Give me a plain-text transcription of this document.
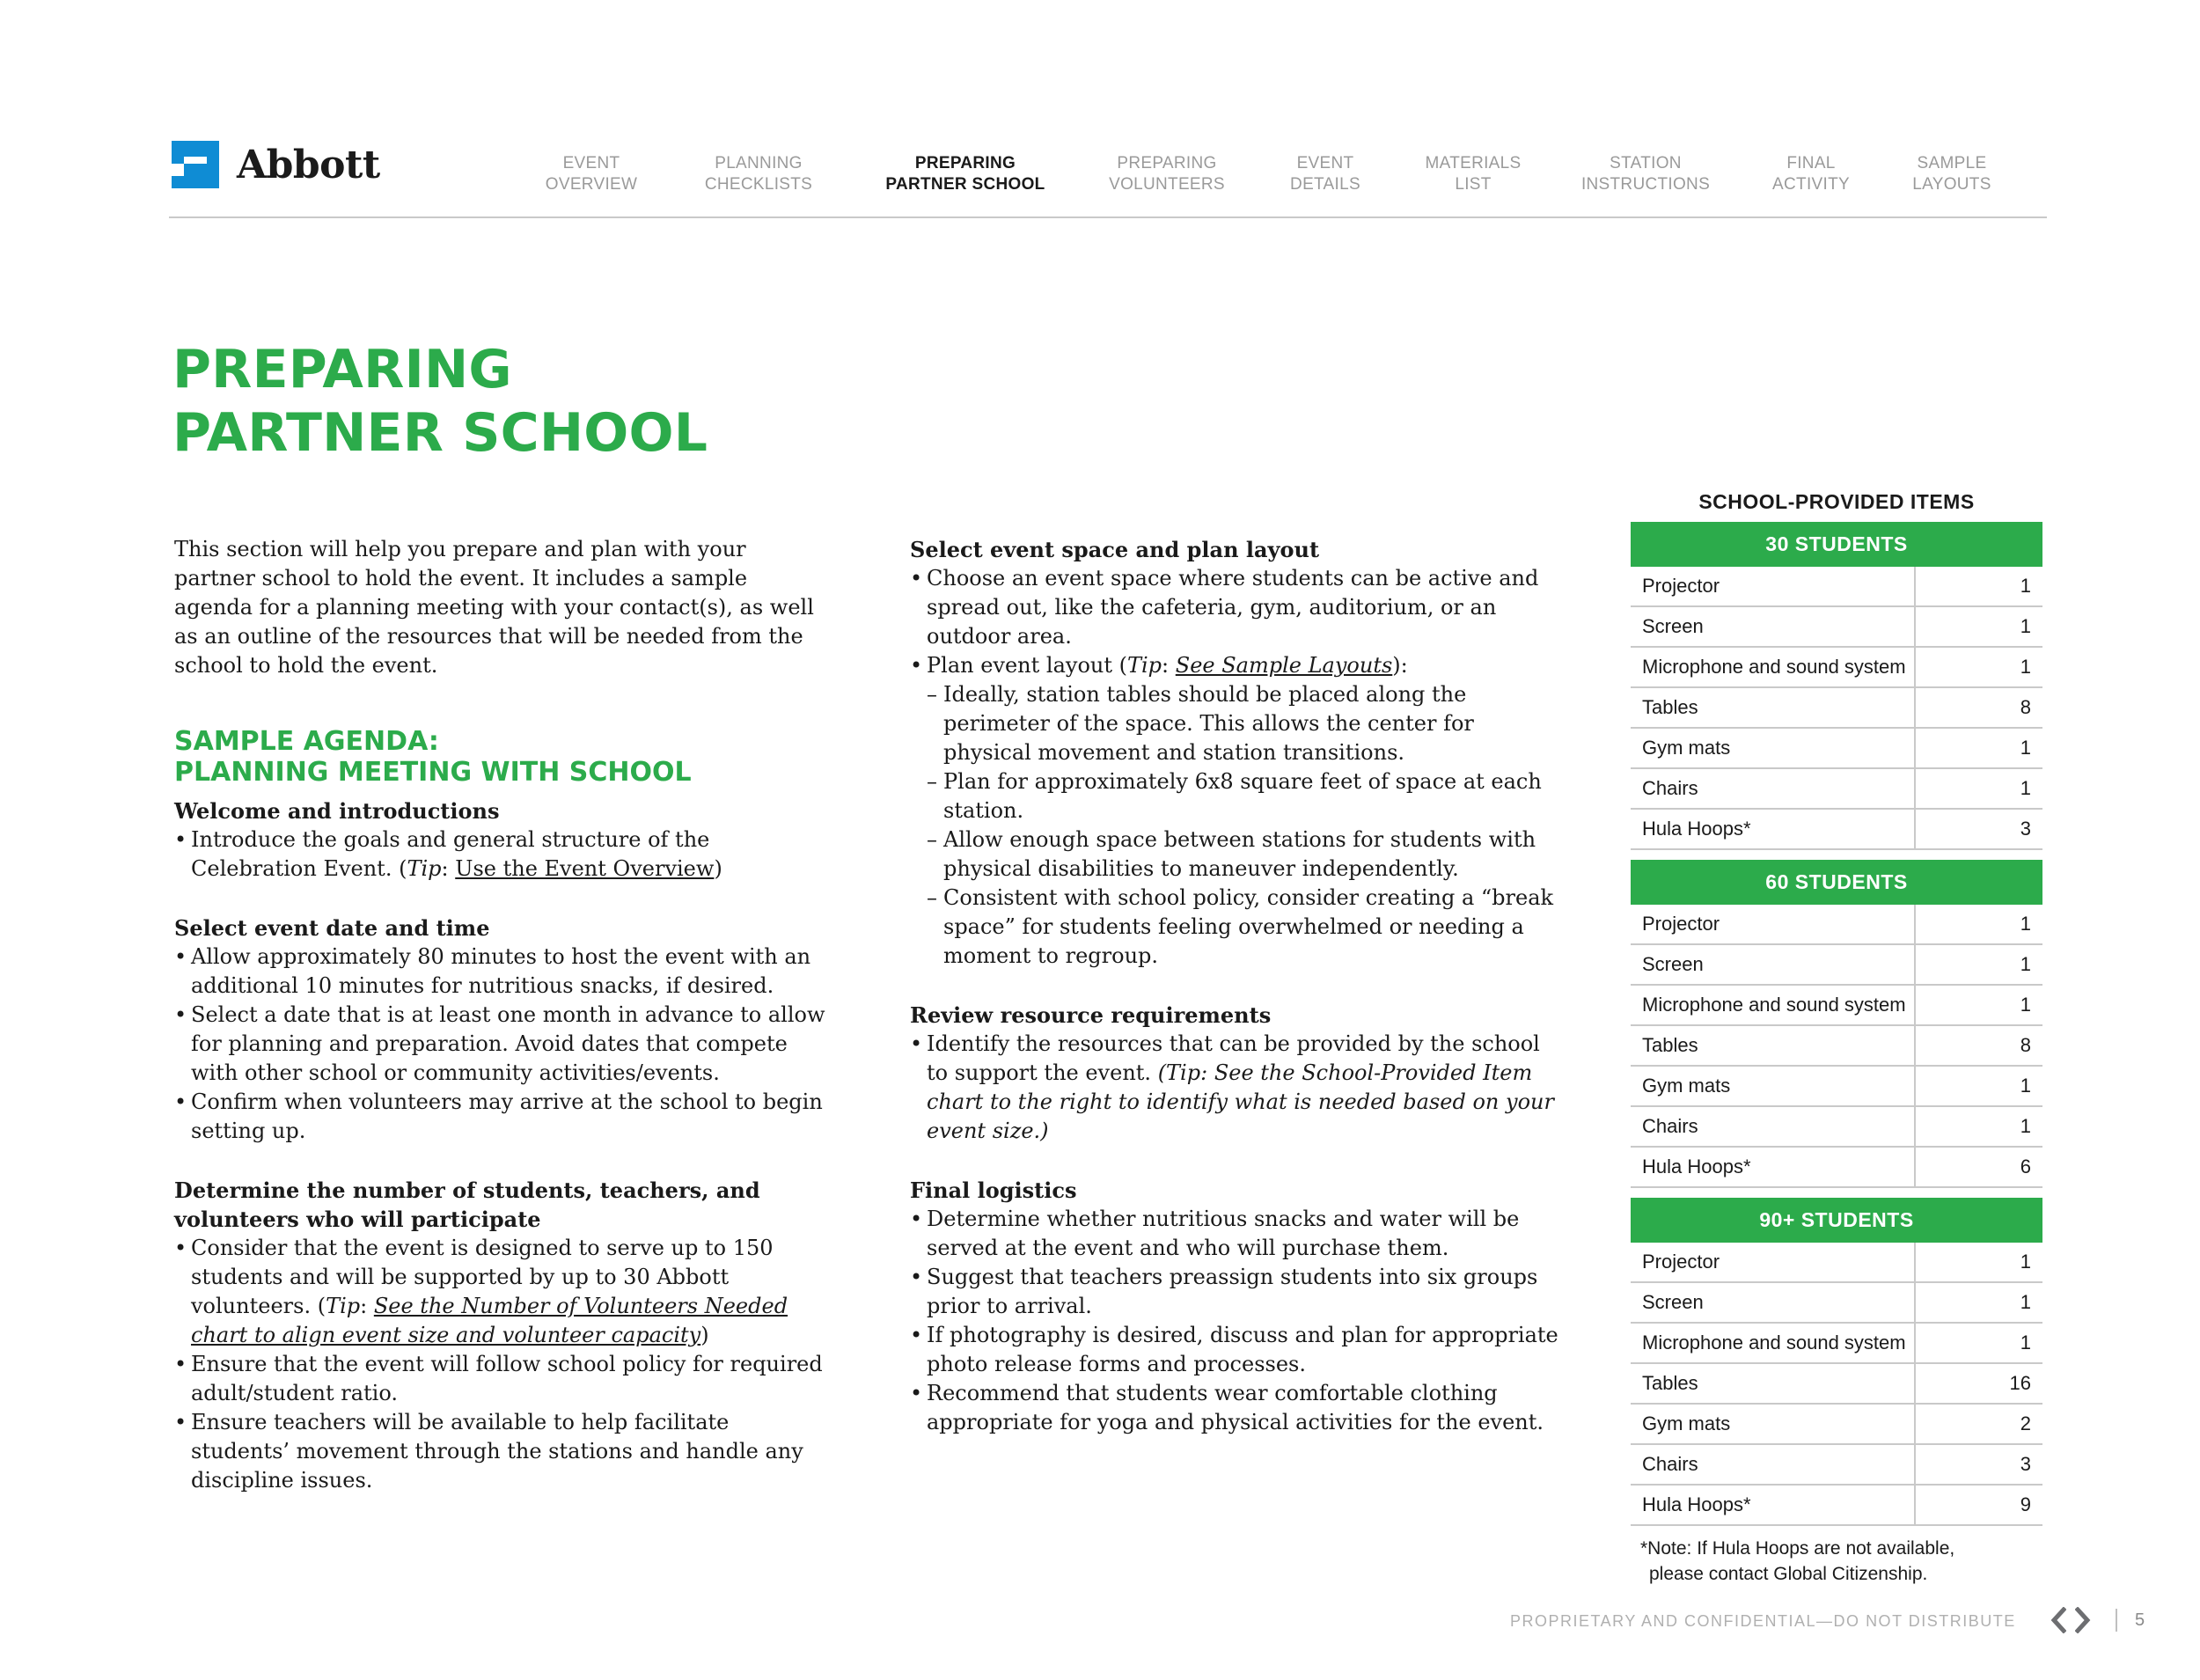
Abbott	EVENT
OVERVIEW
PLANNING
CHECKLISTS
PREPARING
PARTNER SCHOOL
PREPARING
VOLUNTEERS
EVENT
DETAILS
MATERIALS
LIST
STATION
INSTRUCTIONS
FINAL
ACTIVITY
SAMPLE
LAYOUTS
PREPARING
PARTNER SCHOOL

This section will help you prepare and plan with your partner school to hold the event. It includes a sample agenda for a planning meeting with your contact(s), as well as an outline of the resources that will be needed from the school to hold the event.

SAMPLE AGENDA:
PLANNING MEETING WITH SCHOOL

Welcome and introductions

• Introduce the goals and general structure of the Celebration Event. (Tip: Use the Event Overview)

Select event date and time

• Allow approximately 80 minutes to host the event with an additional 10 minutes for nutritious snacks, if desired.
• Select a date that is at least one month in advance to allow for planning and preparation. Avoid dates that compete with other school or community activities/events.
• Confirm when volunteers may arrive at the school to begin setting up.

Determine the number of students, teachers, and volunteers who will participate

• Consider that the event is designed to serve up to 150 students and will be supported by up to 30 Abbott volunteers. (Tip: See the Number of Volunteers Needed chart to align event size and volunteer capacity)
• Ensure that the event will follow school policy for required adult/student ratio.
• Ensure teachers will be available to help facilitate students’ movement through the stations and handle any discipline issues.

Select event space and plan layout

• Choose an event space where students can be active and spread out, like the cafeteria, gym, auditorium, or an outdoor area.
• Plan event layout (Tip: See Sample Layouts):
– Ideally, station tables should be placed along the perimeter of the space. This allows the center for physical movement and station transitions.
– Plan for approximately 6x8 square feet of space at each station.
– Allow enough space between stations for students with physical disabilities to maneuver independently.
– Consistent with school policy, consider creating a “break space” for students feeling overwhelmed or needing a moment to regroup.

Review resource requirements

• Identify the resources that can be provided by the school to support the event. (Tip: See the School-Provided Item chart to the right to identify what is needed based on your event size.)

Final logistics

• Determine whether nutritious snacks and water will be served at the event and who will purchase them.
• Suggest that teachers preassign students into six groups prior to arrival.
• If photography is desired, discuss and plan for appropriate photo release forms and processes.
• Recommend that students wear comfortable clothing appropriate for yoga and physical activities for the event.
SCHOOL-PROVIDED ITEMS
30 STUDENTS
Projector	1
Screen	1
Microphone and sound system	1
Tables	8
Gym mats	1
Chairs	1
Hula Hoops*	3
60 STUDENTS
Projector	1
Screen	1
Microphone and sound system	1
Tables	8
Gym mats	1
Chairs	1
Hula Hoops*	6
90+ STUDENTS
Projector	1
Screen	1
Microphone and sound system	1
Tables	16
Gym mats	2
Chairs	3
Hula Hoops*	9
*Note: If Hula Hoops are not available,
please contact Global Citizenship.
PROPRIETARY AND CONFIDENTIAL—DO NOT DISTRIBUTE	5
